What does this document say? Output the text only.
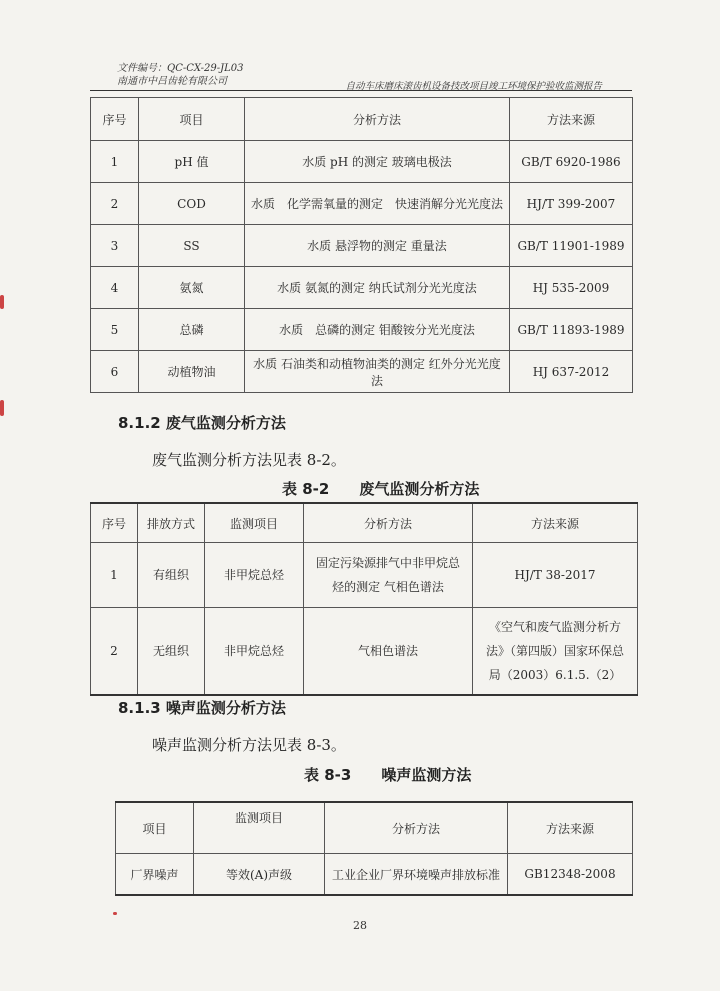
文件编号：QC-CX-29-JL03
南通市中吕齿轮有限公司	自动车床磨床滚齿机设备技改项目竣工环境保护验收监测报告
序号	项目	分析方法	方法来源
1	pH 值	水质 pH 的测定 玻璃电极法	GB/T 6920-1986
2	COD	水质　化学需氧量的测定　快速消解分光光度法	HJ/T 399-2007
3	SS	水质 悬浮物的测定 重量法	GB/T 11901-1989
4	氨氮	水质 氨氮的测定 纳氏试剂分光光度法	HJ 535-2009
5	总磷	水质　总磷的测定 钼酸铵分光光度法	GB/T 11893-1989
6	动植物油	水质 石油类和动植物油类的测定 红外分光光度法	HJ 637-2012
8.1.2 废气监测分析方法
废气监测分析方法见表 8-2。
表 8-2　　废气监测分析方法
序号	排放方式	监测项目	分析方法	方法来源
1	有组织	非甲烷总烃	固定污染源排气中非甲烷总烃的测定 气相色谱法	HJ/T 38-2017
2	无组织	非甲烷总烃	气相色谱法	《空气和废气监测分析方法》（第四版）国家环保总局（2003）6.1.5.（2）
8.1.3 噪声监测分析方法
噪声监测分析方法见表 8-3。
表 8-3　　噪声监测方法
项目	监测项目	分析方法	方法来源
厂界噪声	等效(A)声级	工业企业厂界环境噪声排放标准	GB12348-2008
28
